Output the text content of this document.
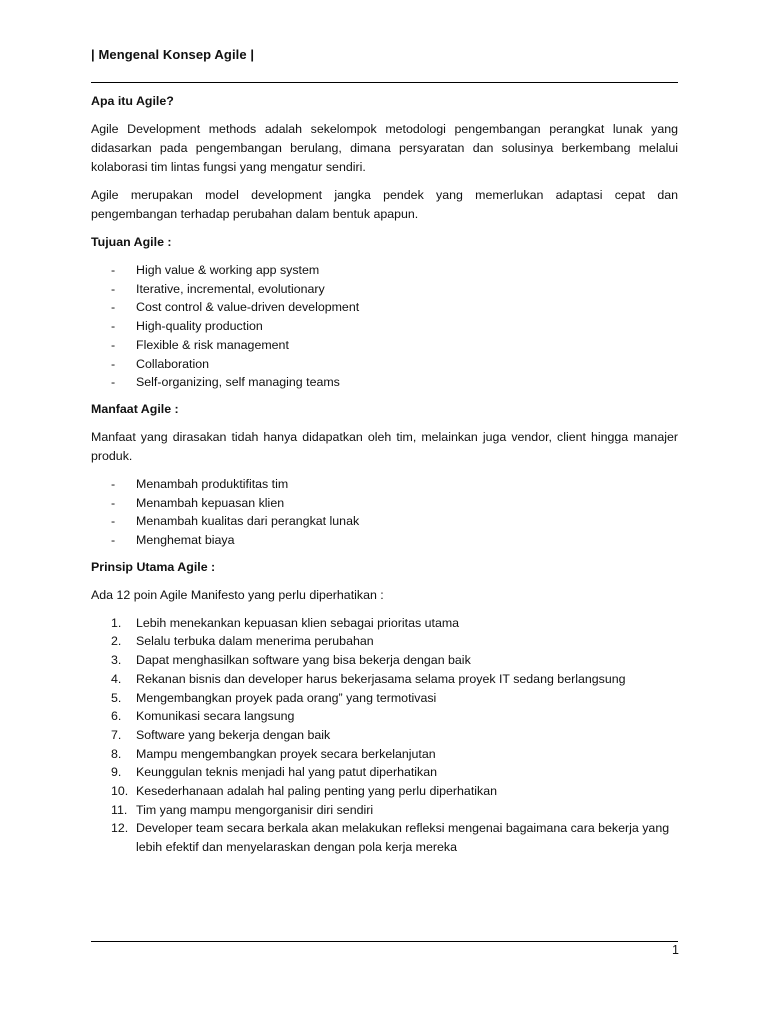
| Mengenal Konsep Agile |
Apa itu Agile?

Agile Development methods adalah sekelompok metodologi pengembangan perangkat lunak yang didasarkan pada pengembangan berulang, dimana persyaratan dan solusinya berkembang melalui kolaborasi tim lintas fungsi yang mengatur sendiri.

Agile merupakan model development jangka pendek yang memerlukan adaptasi cepat dan pengembangan terhadap perubahan dalam bentuk apapun.

Tujuan Agile :
- High value & working app system
- Iterative, incremental, evolutionary
- Cost control & value-driven development
- High-quality production
- Flexible & risk management
- Collaboration
- Self-organizing, self managing teams
Manfaat Agile :

Manfaat yang dirasakan tidah hanya didapatkan oleh tim, melainkan juga vendor, client hingga manajer produk.

- Menambah produktifitas tim
- Menambah kepuasan klien
- Menambah kualitas dari perangkat lunak
- Menghemat biaya
Prinsip Utama Agile :

Ada 12 poin Agile Manifesto yang perlu diperhatikan :

1.	Lebih menekankan kepuasan klien sebagai prioritas utama
2.	Selalu terbuka dalam menerima perubahan
3.	Dapat menghasilkan software yang bisa bekerja dengan baik
4.	Rekanan bisnis dan developer harus bekerjasama selama proyek IT sedang berlangsung
5.	Mengembangkan proyek pada orang” yang termotivasi
6.	Komunikasi secara langsung
7.	Software yang bekerja dengan baik
8.	Mampu mengembangkan proyek secara berkelanjutan
9.	Keunggulan teknis menjadi hal yang patut diperhatikan
10. Kesederhanaan adalah hal paling penting yang perlu diperhatikan
11. Tim yang mampu mengorganisir diri sendiri
12. Developer team secara berkala akan melakukan refleksi mengenai bagaimana cara bekerja yang lebih efektif dan menyelaraskan dengan pola kerja mereka
1
